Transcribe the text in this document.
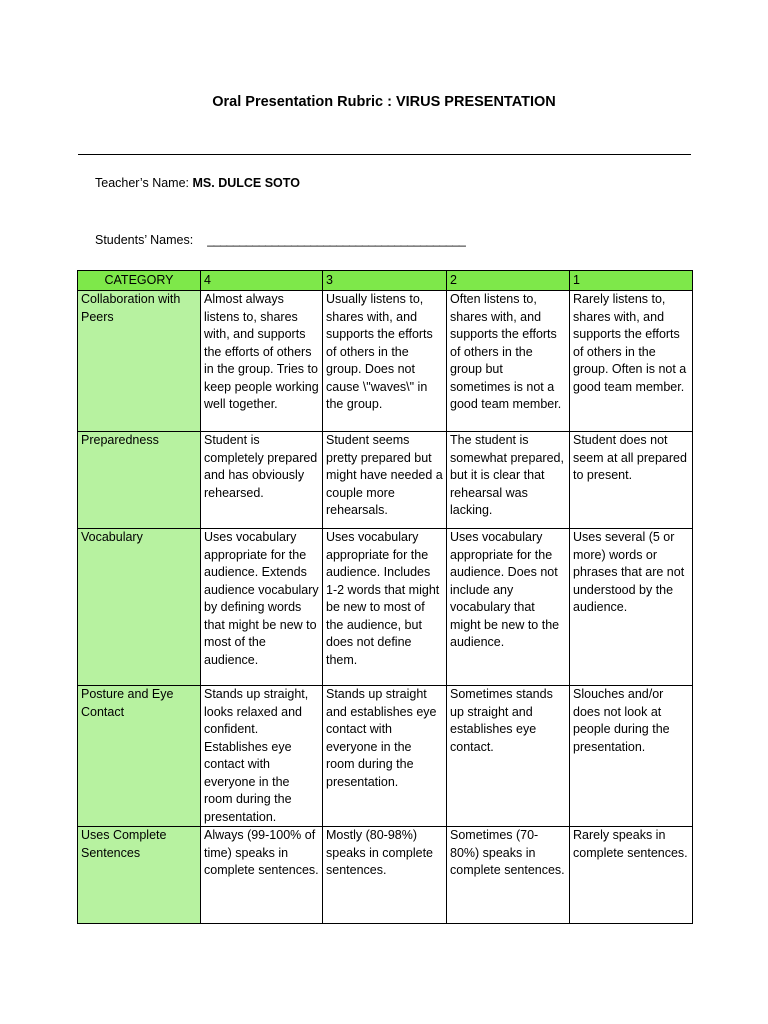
Oral Presentation Rubric : VIRUS PRESENTATION
Teacher’s Name: MS. DULCE SOTO
Students’ Names: ________________________________________
CATEGORY	4	3	2	1
Collaboration with Peers	Almost always listens to, shares with, and supports the efforts of others in the group. Tries to keep people working well together.	Usually listens to, shares with, and supports the efforts of others in the group. Does not cause \"waves\" in the group.	Often listens to, shares with, and supports the efforts of others in the group but sometimes is not a good team member.	Rarely listens to, shares with, and supports the efforts of others in the group. Often is not a good team member.
Preparedness	Student is completely prepared and has obviously rehearsed.	Student seems pretty prepared but might have needed a couple more rehearsals.	The student is somewhat prepared, but it is clear that rehearsal was lacking.	Student does not seem at all prepared to present.
Vocabulary	Uses vocabulary appropriate for the audience. Extends audience vocabulary by defining words that might be new to most of the audience.	Uses vocabulary appropriate for the audience. Includes 1-2 words that might be new to most of the audience, but does not define them.	Uses vocabulary appropriate for the audience. Does not include any vocabulary that might be new to the audience.	Uses several (5 or more) words or phrases that are not understood by the audience.
Posture and Eye Contact	Stands up straight, looks relaxed and confident. Establishes eye contact with everyone in the room during the presentation.	Stands up straight and establishes eye contact with everyone in the room during the presentation.	Sometimes stands up straight and establishes eye contact.	Slouches and/or does not look at people during the presentation.
Uses Complete Sentences	Always (99-100% of time) speaks in complete sentences.	Mostly (80-98%) speaks in complete sentences.	Sometimes (70-80%) speaks in complete sentences.	Rarely speaks in complete sentences.
